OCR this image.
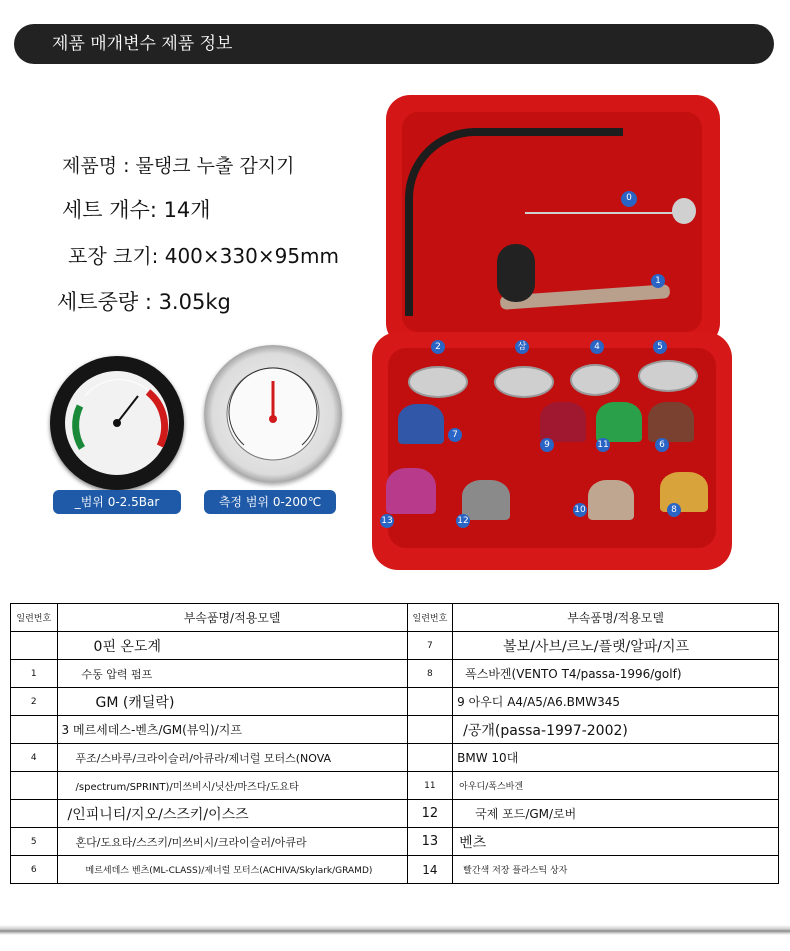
제품 매개변수 제품 정보
제품명 : 물탱크 누출 감지기
세트 개수: 14개
포장 크기: 400×330×95mm
세트중량 : 3.05kg
_범위 0-2.5Bar	측정 범위 0-200℃
0
1
2	삼	4	5
7
9	11	6
13	12
10	8
일련번호	부속품명/적용모델	일련번호	부속품명/적용모델
	0핀 온도계	7	볼보/사브/르노/플랫/알파/지프
1	수동 압력 펌프	8	폭스바겐(VENTO T4/passa-1996/golf)
2	GM (캐딜락)		9 아우디 A4/A5/A6.BMW345
	3 메르세데스-벤츠/GM(뷰익)/지프		/공개(passa-1997-2002)
4	푸조/스바루/크라이슬러/아큐라/제너럴 모터스(NOVA		BMW 10대
	/spectrum/SPRINT)/미쓰비시/닛산/마즈다/도요타	11	아우디/폭스바겐
	/인피니티/지오/스즈키/이스즈	12	국제 포드/GM/로버
5	혼다/도요타/스즈키/미쓰비시/크라이슬러/아큐라	13	벤츠
6	메르세데스 벤츠(ML-CLASS)/제너럴 모터스(ACHIVA/Skylark/GRAMD)	14	빨간색 저장 플라스틱 상자
